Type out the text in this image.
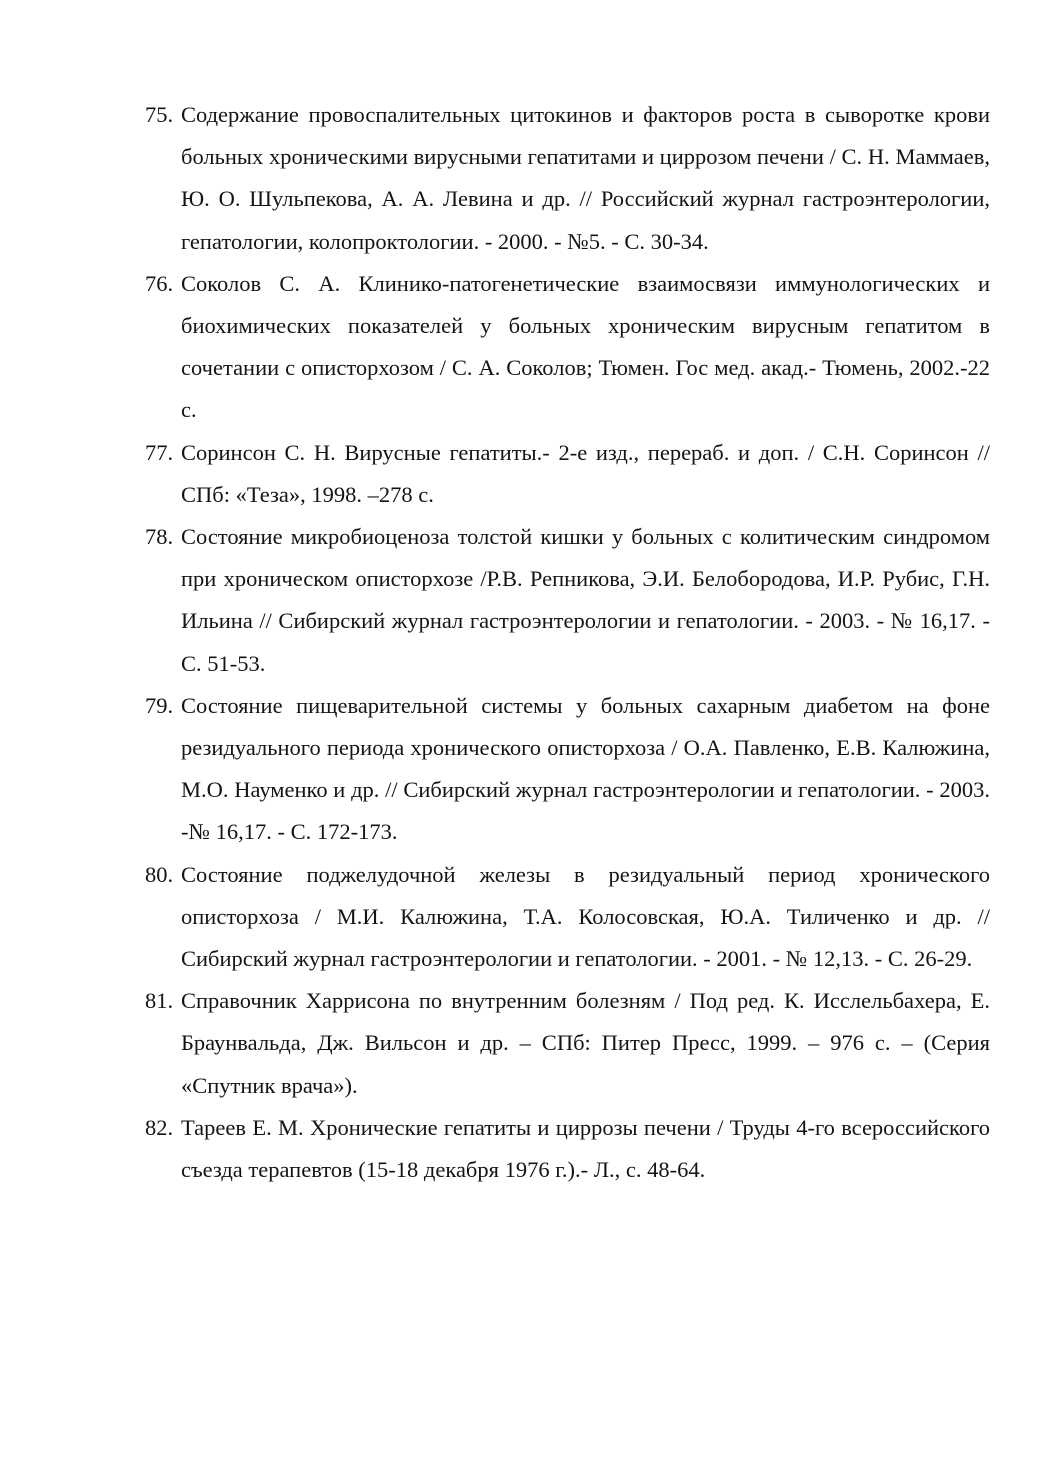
75. Содержание провоспалительных цитокинов и факторов роста в сыворотке крови больных хроническими вирусными гепатитами и циррозом печени / С. Н. Маммаев, Ю. О. Шульпекова, А. А. Левина и др. // Российский журнал гастроэнтерологии, гепатологии, колопроктологии. - 2000. - №5. - С. 30-34.
76. Соколов С. А. Клинико-патогенетические взаимосвязи иммунологических и биохимических показателей у больных хроническим вирусным гепатитом в сочетании с описторхозом / С. А. Соколов; Тюмен. Гос мед. акад.- Тюмень, 2002.-22 с.
77. Соринсон С. Н. Вирусные гепатиты.- 2-е изд., перераб. и доп. / С.Н. Соринсон // СПб: «Теза», 1998. –278 с.
78. Состояние микробиоценоза толстой кишки у больных с колитическим синдромом при хроническом описторхозе /Р.В. Репникова, Э.И. Белобородова, И.Р. Рубис, Г.Н. Ильина // Сибирский журнал гастроэнтерологии и гепатологии. - 2003. - № 16,17. - С. 51-53.
79. Состояние пищеварительной системы у больных сахарным диабетом на фоне резидуального периода хронического описторхоза / О.А. Павленко, Е.В. Калюжина, М.О. Науменко и др. // Сибирский журнал гастроэнтерологии и гепатологии. - 2003. -№ 16,17. - С. 172-173.
80. Состояние поджелудочной железы в резидуальный период хронического описторхоза / М.И. Калюжина, Т.А. Колосовская, Ю.А. Тиличенко и др. // Сибирский журнал гастроэнтерологии и гепатологии. - 2001. - № 12,13. - С. 26-29.
81. Справочник Харрисона по внутренним болезням / Под ред. К. Исслельбахера, Е. Браунвальда, Дж. Вильсон и др. – СПб: Питер Пресс, 1999. – 976 с. – (Серия «Спутник врача»).
82. Тареев Е. М. Хронические гепатиты и циррозы печени / Труды 4-го всероссийского съезда терапевтов (15-18 декабря 1976 г.).- Л., с. 48-64.
